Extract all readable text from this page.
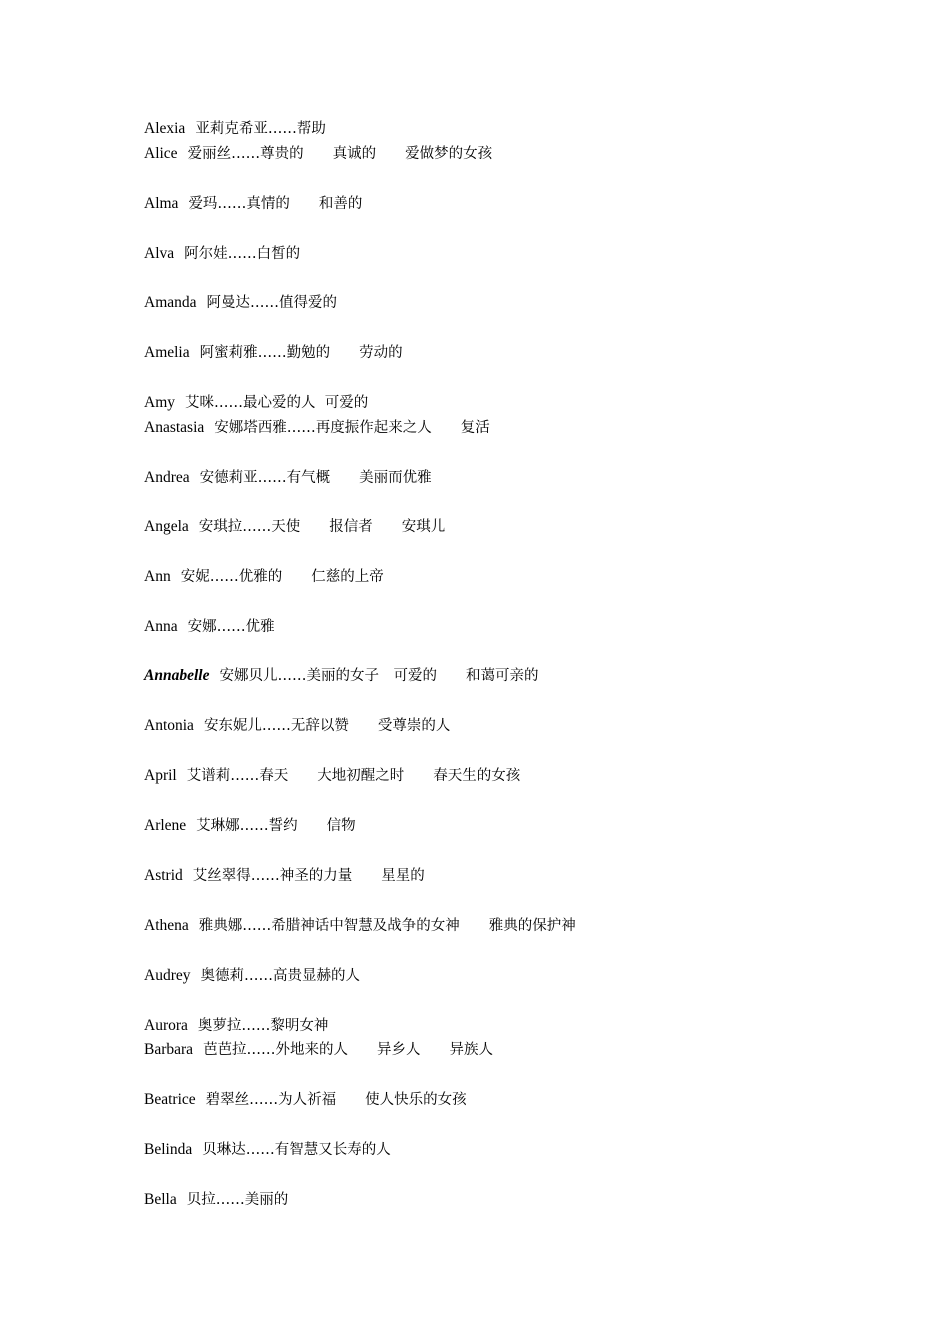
Alexia 亚莉克希亚……帮助
Alice 爱丽丝……尊贵的　　真诚的　　爱做梦的女孩
Alma 爱玛……真情的　　和善的
Alva 阿尔娃……白皙的
Amanda 阿曼达……值得爱的
Amelia 阿蜜莉雅……勤勉的　　劳动的
Amy 艾咪……最心爱的人  可爱的
Anastasia 安娜塔西雅……再度振作起来之人　　复活
Andrea 安德莉亚……有气概　　美丽而优雅
Angela 安琪拉……天使　　报信者　　安琪儿
Ann 安妮……优雅的　　仁慈的上帝
Anna 安娜……优雅
Annabelle 安娜贝儿……美丽的女子　可爱的　　和蔼可亲的
Antonia 安东妮儿……无辞以赞　　受尊崇的人
April 艾谱莉……春天　　大地初醒之时　　春天生的女孩
Arlene 艾琳娜……誓约　　信物
Astrid 艾丝翠得……神圣的力量　　星星的
Athena 雅典娜……希腊神话中智慧及战争的女神　　雅典的保护神
Audrey 奥德莉……高贵显赫的人
Aurora 奥萝拉……黎明女神
Barbara 芭芭拉……外地来的人　　异乡人　　异族人
Beatrice 碧翠丝……为人祈福　　使人快乐的女孩
Belinda 贝琳达……有智慧又长寿的人
Bella 贝拉……美丽的
